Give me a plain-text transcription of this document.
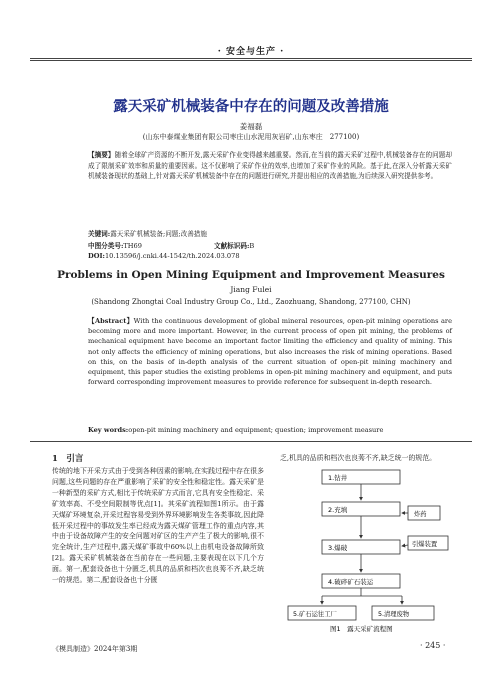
· 安全与生产 ·
露天采矿机械装备中存在的问题及改善措施
姜福磊
(山东中泰煤业集团有限公司枣庄山水泥用灰岩矿,山东枣庄　277100)
【摘要】随着全球矿产资源的不断开发,露天采矿作业变得越来越重要。然而,在当前的露天采矿过程中,机械装备存在的问题却成了限制采矿效率和质量的重要因素。这不仅影响了采矿作业的效率,也增加了采矿作业的风险。基于此,在深入分析露天采矿机械装备现状的基础上,针对露天采矿机械装备中存在的问题进行研究,并提出相应的改善措施,为后续深入研究提供参考。
关键词:露天采矿机械装备;问题;改善措施
中图分类号:TH69	文献标识码:B
DOI:10.13596/j.cnki.44-1542/th.2024.03.078
Problems in Open Mining Equipment and Improvement Measures
Jiang Fulei
(Shandong Zhongtai Coal Industry Group Co., Ltd., Zaozhuang, Shandong, 277100, CHN)
【Abstract】With the continuous development of global mineral resources, open-pit mining operations are becoming more and more important. However, in the current process of open pit mining, the problems of mechanical equipment have become an important factor limiting the efficiency and quality of mining. This not only affects the efficiency of mining operations, but also increases the risk of mining operations. Based on this, on the basis of in-depth analysis of the current situation of open-pit mining machinery and equipment, this paper studies the existing problems in open-pit mining machinery and equipment, and puts forward corresponding improvement measures to provide reference for subsequent in-depth research.
Key words:open-pit mining machinery and equipment; question; improvement measure
1　引言
传统的地下开采方式由于受到各种因素的影响,在实践过程中存在很多问题,这些问题的存在严重影响了采矿的安全性和稳定性。露天采矿是一种新型的采矿方式,相比于传统采矿方式而言,它具有安全性稳定、采矿效率高、不受空间限制等优点[1]。其采矿流程如图1所示。由于露天煤矿环境复杂,开采过程容易受到外界环境影响发生各类事故,因此降低开采过程中的事故发生率已经成为露天煤矿管理工作的重点内容,其中由于设备故障产生的安全问题对矿区的生产产生了极大的影响,很不完全统计,生产过程中,露天煤矿事故中60%以上由机电设备故障所致[2]。露天采矿机械装备在当前存在一些问题,主要表现在以下几个方面。第一,配套设备也十分匮乏,机具的品质和档次也良莠不齐,缺乏统一的规范。第二,配套设备也十分匮
乏,机具的品质和档次也良莠不齐,缺乏统一的规范。
1.钻井
2.充填
炸药
3.爆破	引爆装置
4.破碎矿石装运
5.矿石运往工厂	5.清理废物
图1　露天采矿流程图
《模具制造》2024年第3期	· 245 ·
